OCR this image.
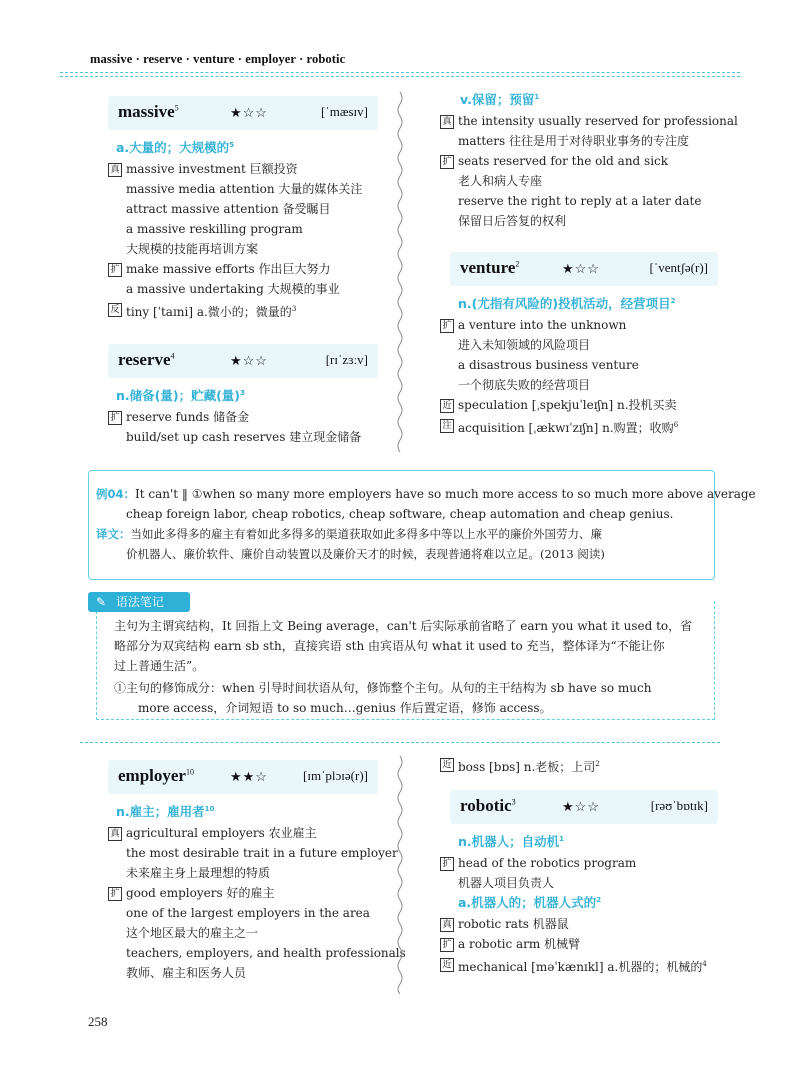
massive · reserve · venture · employer · robotic
massive$^5$	★☆☆	[ˈmæsɪv]
a.大量的；大规模的$^5$
真 massive investment 巨额投资
massive media attention 大量的媒体关注
attract massive attention 备受瞩目
a massive reskilling program
大规模的技能再培训方案
扩 make massive efforts 作出巨大努力
a massive undertaking 大规模的事业
反 tiny [ˈtaɪni] a.微小的；微量的$^3$
reserve$^4$	★☆☆	[rɪˈzɜːv]
n.储备(量)；贮藏(量)$^3$
扩 reserve funds 储备金
build/set up cash reserves 建立现金储备
v.保留；预留$^1$
真 the intensity usually reserved for professional
matters 往往是用于对待职业事务的专注度
扩 seats reserved for the old and sick
老人和病人专座
reserve the right to reply at a later date
保留日后答复的权利
venture$^2$	★☆☆	[ˈventʃə(r)]
n.(尤指有风险的)投机活动，经营项目$^2$
扩 a venture into the unknown
进入未知领域的风险项目
a disastrous business venture
一个彻底失败的经营项目
近 speculation [ˌspekjuˈleɪʃn] n.投机买卖
注 acquisition [ˌækwɪˈzɪʃn] n.购置；收购$^6$
例04：It can't ‖ ①when so many more employers have so much more access to so much more above average
cheap foreign labor, cheap robotics, cheap software, cheap automation and cheap genius.
译文：当如此多得多的雇主有着如此多得多的渠道获取如此多得多中等以上水平的廉价外国劳力、廉
价机器人、廉价软件、廉价自动装置以及廉价天才的时候，表现普通将难以立足。(2013 阅读)
✎ 语法笔记
主句为主谓宾结构，It 回指上文 Being average，can't 后实际承前省略了 earn you what it used to，省
略部分为双宾结构 earn sb sth，直接宾语 sth 由宾语从句 what it used to 充当，整体译为“不能让你
过上普通生活”。
①主句的修饰成分：when 引导时间状语从句，修饰整个主句。从句的主干结构为 sb have so much
more access，介词短语 to so much…genius 作后置定语，修饰 access。
employer$^{10}$	★★☆	[ɪmˈplɔɪə(r)]
n.雇主；雇用者$^{10}$
真 agricultural employers 农业雇主
the most desirable trait in a future employer
未来雇主身上最理想的特质
扩 good employers 好的雇主
one of the largest employers in the area
这个地区最大的雇主之一
teachers, employers, and health professionals
教师、雇主和医务人员
近 boss [bɒs] n.老板；上司$^2$
robotic$^3$	★☆☆	[rəʊˈbɒtɪk]
n.机器人；自动机$^1$
扩 head of the robotics program
机器人项目负责人
a.机器人的；机器人式的$^2$
真 robotic rats 机器鼠
扩 a robotic arm 机械臂
近 mechanical [məˈkænɪkl] a.机器的；机械的$^4$
258
